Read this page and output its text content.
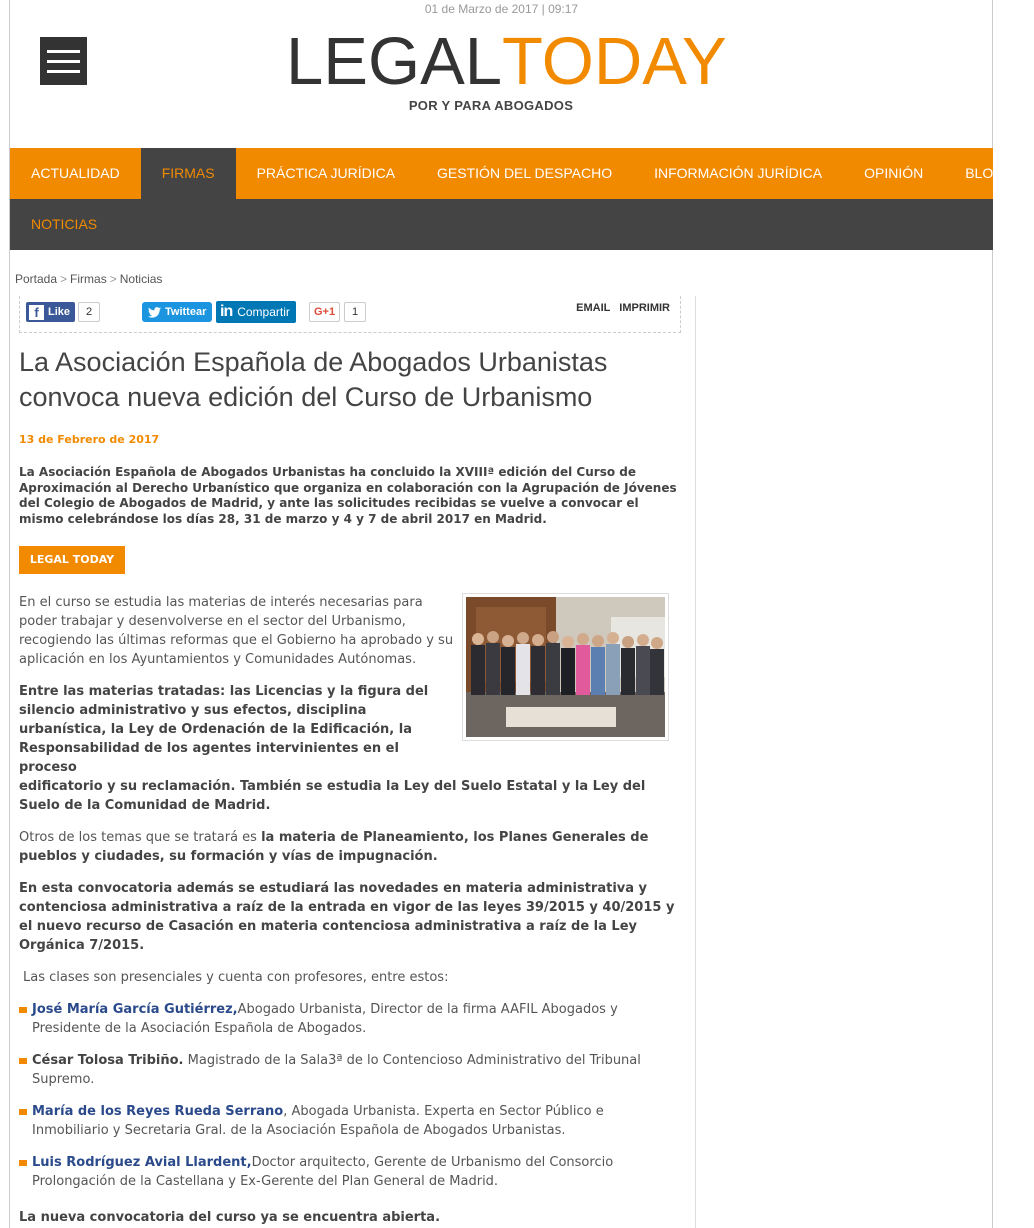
01 de Marzo de 2017 | 09:17
LEGALTODAY
POR Y PARA ABOGADOS
ACTUALIDAD	FIRMAS	PRÁCTICA JURÍDICA	GESTIÓN DEL DESPACHO	INFORMACIÓN JURÍDICA	OPINIÓN	BLOGS
NOTICIAS
Portada > Firmas > Noticias
f Like	2	Twittear in Compartir	G+1	1	EMAIL IMPRIMIR
La Asociación Española de Abogados Urbanistas convoca nueva edición del Curso de Urbanismo
13 de Febrero de 2017

La Asociación Española de Abogados Urbanistas ha concluido la XVIIIª edición del Curso de Aproximación al Derecho Urbanístico que organiza en colaboración con la Agrupación de Jóvenes del Colegio de Abogados de Madrid, y ante las solicitudes recibidas se vuelve a convocar el mismo celebrándose los días 28, 31 de marzo y 4 y 7 de abril 2017 en Madrid.

LEGAL TODAY

En el curso se estudia las materias de interés necesarias para poder trabajar y desenvolverse en el sector del Urbanismo, recogiendo las últimas reformas que el Gobierno ha aprobado y su aplicación en los Ayuntamientos y Comunidades Autónomas.

Entre las materias tratadas: las Licencias y la figura del silencio administrativo y sus efectos, disciplina urbanística, la Ley de Ordenación de la Edificación, la Responsabilidad de los agentes intervinientes en el proceso
edificatorio y su reclamación. También se estudia la Ley del Suelo Estatal y la Ley del Suelo de la Comunidad de Madrid.

Otros de los temas que se tratará es la materia de Planeamiento, los Planes Generales de pueblos y ciudades, su formación y vías de impugnación.

En esta convocatoria además se estudiará las novedades en materia administrativa y contenciosa administrativa a raíz de la entrada en vigor de las leyes 39/2015 y 40/2015 y el nuevo recurso de Casación en materia contenciosa administrativa a raíz de la Ley Orgánica 7/2015.

Las clases son presenciales y cuenta con profesores, entre estos:

José María García Gutiérrez,Abogado Urbanista, Director de la firma AAFIL Abogados y Presidente de la Asociación Española de Abogados.
César Tolosa Tribiño. Magistrado de la Sala3ª de lo Contencioso Administrativo del Tribunal Supremo.
María de los Reyes Rueda Serrano, Abogada Urbanista. Experta en Sector Público e Inmobiliario y Secretaria Gral. de la Asociación Española de Abogados Urbanistas.
Luis Rodríguez Avial Llardent,Doctor arquitecto, Gerente de Urbanismo del Consorcio Prolongación de la Castellana y Ex-Gerente del Plan General de Madrid.

La nueva convocatoria del curso ya se encuentra abierta.
